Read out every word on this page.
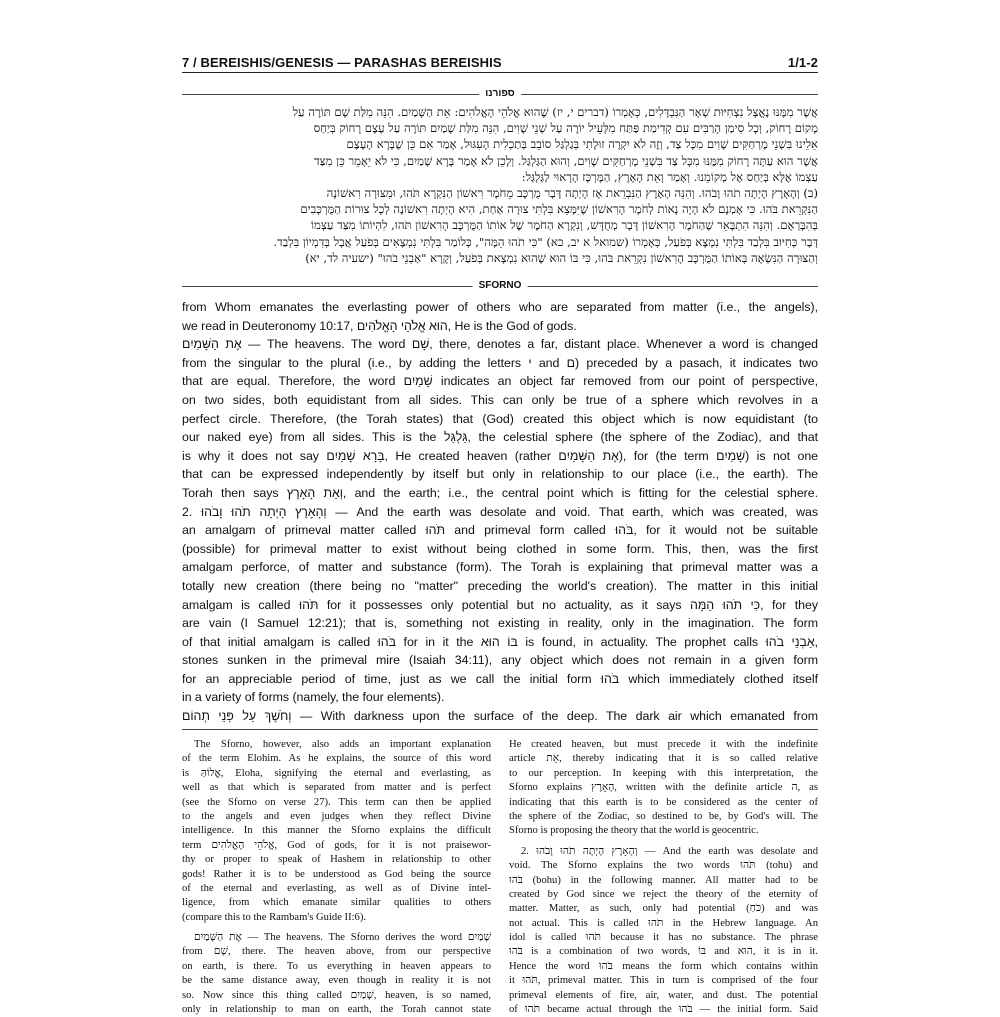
7 / BEREISHIS/GENESIS — PARASHAS BEREISHIS	1/1-2
ספורנו
אֲשֶׁר מִמֶּנּוּ נֶאֱצָל נִצְחִיּוּת שְׁאָר הַנִּבְדָּלִים, כְּאָמְרוֹ (דברים י, יז) שֶׁהוּא אֱלֹהֵי הָאֱלֹהִים: אֵת הַשָּׁמַיִם. הִנֵּה מִלַּת שָׁם תּוֹרֶה עַל
מָקוֹם רָחוֹק, וְכָל סִימַן הָרַבִּים עִם קְדִימַת פַּתַּח מִלְּעֵיל יוֹרֶה עַל שְׁנֵי שָׁוִים, הִנֵּה מִלַּת שָׁמַיִם תּוֹרֶה עַל עֶצֶם רָחוֹק בְּיַחַס
אֵלֵינוּ בִּשְׁנֵי מֶרְחַקִּים שָׁוִים מִכָּל צַד, וְזֶה לֹא יִקְרֶה זוּלָתִי בְּגַלְגַּל סוֹבֵב בְּתַכְלִית הָעִגּוּל, אָמַר אִם כֵּן שֶׁבָּרָא הָעֶצֶם
אֲשֶׁר הוּא עַתָּה רָחוֹק מִמֶּנּוּ מִכָּל צַד בִּשְׁנֵי מֶרְחַקִּים שָׁוִים, וְהוּא הַגַּלְגַּל. וְלָכֵן לֹא אָמַר בָּרָא שָׁמַיִם, כִּי לֹא יֵאָמֵר כֵּן מִצַּד
עַצְמוֹ אֶלָּא בְּיַחַס אֶל מְקוֹמֵנוּ. וְאָמַר וְאֵת הָאָרֶץ, הַמֶּרְכָּז הָרָאוּי לַגַּלְגַּל:
(ב) וְהָאָרֶץ הָיְתָה תֹהוּ וָבֹהוּ. וְהִנֵּה הָאָרֶץ הַנִּבְרֵאת אָז הָיְתָה דָּבָר מֻרְכָּב מֵחֹמֶר רִאשׁוֹן הַנִּקְרָא תֹּהוּ, וּמִצּוּרָה רִאשׁוֹנָה
הַנִּקְרֵאת בֹּהוּ. כִּי אָמְנָם לֹא הָיָה נָאוֹת לְחֹמֶר הָרִאשׁוֹן שֶׁיִּמָּצֵא בִּלְתִּי צוּרָה אַחַת, הִיא הָיְתָה רִאשׁוֹנָה לְכָל צוּרוֹת הַמֻּרְכָּבִים
בְּהִבָּרְאָם. וְהִנֵּה הִתְבָּאֵר שֶׁהַחֹמֶר הָרִאשׁוֹן דָּבָר מְחֻדָּשׁ, וְנִקְרָא הַחֹמֶר שֶׁל אוֹתוֹ הַמֻּרְכָּב הָרִאשׁוֹן תֹּהוּ, לִהְיוֹתוֹ מִצַּד עַצְמוֹ
דָּבָר כְּחִיּוּב בִּלְבַד בִּלְתִּי נִמְצָא בְּפֹעַל, כְּאָמְרוֹ (שמואל א יב, כא) "כִּי תֹהוּ הֵמָּה", כְּלוֹמַר בִּלְתִּי נִמְצָאִים בְּפֹעַל אֲבָל בְּדִמְיוֹן בִּלְבַד.
וְהַצּוּרָה הַנִּשְׂאָה בְּאוֹתוֹ הַמֻּרְכָּב הָרִאשׁוֹן נִקְרֵאת בֹּהוּ, כִּי בּוֹ הוּא שֶׁהוּא נִמְצָאת בְּפֹעַל, וְקָרָא "אַבְנֵי בֹהוּ" (ישעיה לד, יא)
SFORNO
from Whom emanates the everlasting power of others who are separated from matter (i.e., the angels),
we read in Deuteronomy 10:17, הוּא אֱלֹהֵי הָאֱלֹהִים, He is the God of gods.
אֶת הַשָּׁמַיִם — The heavens. The word שָׁם, there, denotes a far, distant place. Whenever a word is changed
from the singular to the plural (i.e., by adding the letters י and ם) preceded by a pasach, it indicates two
that are equal. Therefore, the word שָׁמַיִם indicates an object far removed from our point of perspective,
on two sides, both equidistant from all sides. This can only be true of a sphere which revolves in a
perfect circle. Therefore, (the Torah states) that (God) created this object which is now equidistant (to
our naked eye) from all sides. This is the גַּלְגַּל, the celestial sphere (the sphere of the Zodiac), and that
is why it does not say בָּרָא שָׁמַיִם, He created heaven (rather אֶת הַשָּׁמַיִם), for (the term שָׁמַיִם) is not one
that can be expressed independently by itself but only in relationship to our place (i.e., the earth). The
Torah then says וְאֵת הָאָרֶץ, and the earth; i.e., the central point which is fitting for the celestial sphere.
2. וְהָאָרֶץ הָיְתָה תֹהוּ וָבֹהוּ — And the earth was desolate and void. That earth, which was created, was
an amalgam of primeval matter called תֹּהוּ and primeval form called בֹּהוּ, for it would not be suitable
(possible) for primeval matter to exist without being clothed in some form. This, then, was the first
amalgam perforce, of matter and substance (form). The Torah is explaining that primeval matter was a
totally new creation (there being no "matter" preceding the world's creation). The matter in this initial
amalgam is called תֹּהוּ for it possesses only potential but no actuality, as it says כִּי תֹהוּ הֵמָּה, for they
are vain (I Samuel 12:21); that is, something not existing in reality, only in the imagination. The form
of that initial amalgam is called בֹּהוּ for in it the בּוֹ הוּא is found, in actuality. The prophet calls אַבְנֵי בֹהוּ,
stones sunken in the primeval mire (Isaiah 34:11), any object which does not remain in a given form
for an appreciable period of time, just as we call the initial form בֹּהוּ which immediately clothed itself
in a variety of forms (namely, the four elements).
וְחֹשֶׁךְ עַל פְּנֵי תְהוֹם — With darkness upon the surface of the deep. The dark air which emanated from
The Sforno, however, also adds an important explanation
of the term Elohim. As he explains, the source of this word
is אֱלוֹהַּ, Eloha, signifying the eternal and everlasting, as
well as that which is separated from matter and is perfect
(see the Sforno on verse 27). This term can then be applied
to the angels and even judges when they reflect Divine
intelligence. In this manner the Sforno explains the difficult
term אֱלֹהֵי הָאֱלֹהִים, God of gods, for it is not praisewor-
thy or proper to speak of Hashem in relationship to other
gods! Rather it is to be understood as God being the source
of the eternal and everlasting, as well as of Divine intel-
ligence, from which emanate similar qualities to others
(compare this to the Rambam's Guide II:6).
אֶת הַשָּׁמַיִם — The heavens. The Sforno derives the word שָׁמַיִם
from שָׁם, there. The heaven above, from our perspective
on earth, is there. To us everything in heaven appears to
be the same distance away, even though in reality it is not
so. Now since this thing called שָׁמַיִם, heaven, is so named,
only in relationship to man on earth, the Torah cannot state
He created heaven, but must precede it with the indefinite
article אֵת, thereby indicating that it is so called relative
to our perception. In keeping with this interpretation, the
Sforno explains הָאָרֶץ, written with the definite article ה, as
indicating that this earth is to be considered as the center of
the sphere of the Zodiac, so destined to be, by God's will. The
Sforno is proposing the theory that the world is geocentric.
2. וְהָאָרֶץ הָיְתָה תֹהוּ וָבֹהוּ — And the earth was desolate and
void. The Sforno explains the two words תֹּהוּ (tohu) and
בֹּהוּ (bohu) in the following manner. All matter had to be
created by God since we reject the theory of the eternity of
matter. Matter, as such, only had potential (כֹּחַ) and was
not actual. This is called תֹּהוּ in the Hebrew language. An
idol is called תֹּהוּ because it has no substance. The phrase
בֹּהוּ is a combination of two words, בּוֹ and הוּא, it is in it.
Hence the word בֹּהוּ means the form which contains within
it תֹּהוּ, primeval matter. This in turn is comprised of the four
primeval elements of fire, air, water, and dust. The potential
of תֹּהוּ became actual through the בֹּהוּ — the initial form. Said
